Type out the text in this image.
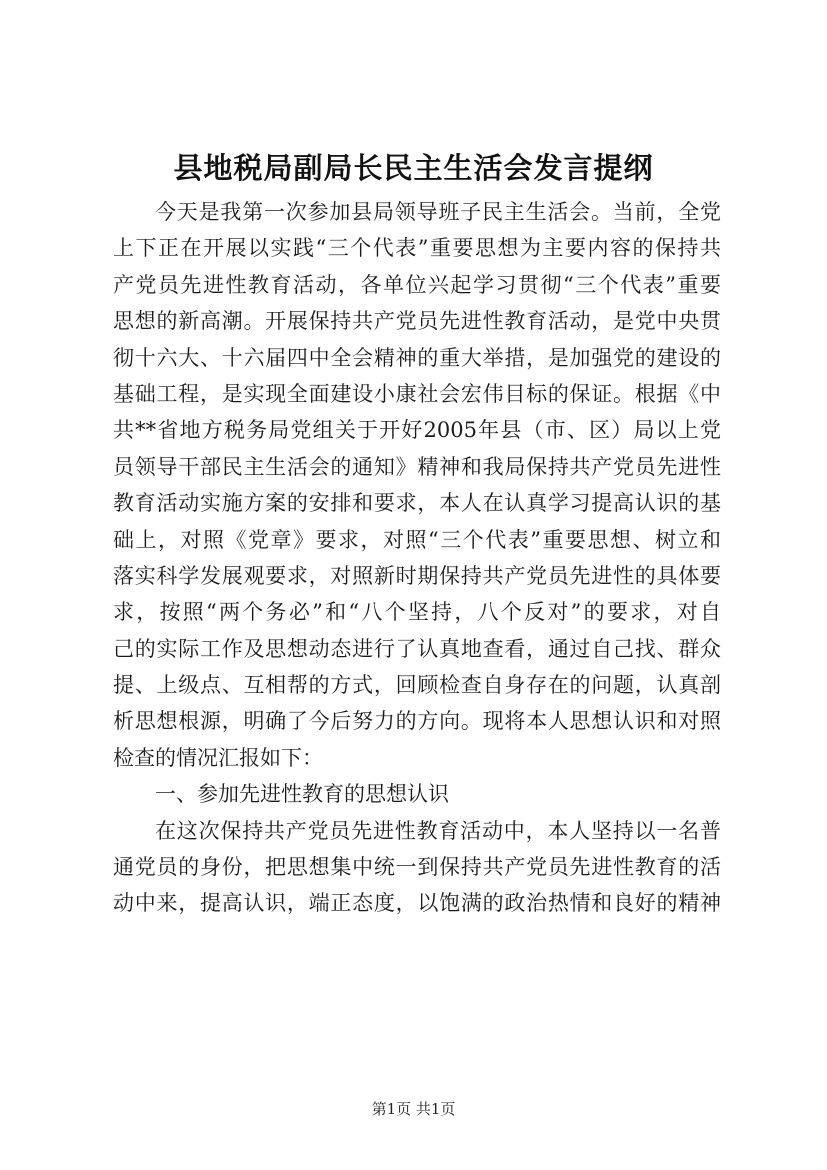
县地税局副局长民主生活会发言提纲
今天是我第一次参加县局领导班子民主生活会。当前，全党
上下正在开展以实践“三个代表”重要思想为主要内容的保持共
产党员先进性教育活动，各单位兴起学习贯彻“三个代表”重要
思想的新高潮。开展保持共产党员先进性教育活动，是党中央贯
彻十六大、十六届四中全会精神的重大举措，是加强党的建设的
基础工程，是实现全面建设小康社会宏伟目标的保证。根据《中
共**省地方税务局党组关于开好2005年县（市、区）局以上党
员领导干部民主生活会的通知》精神和我局保持共产党员先进性
教育活动实施方案的安排和要求，本人在认真学习提高认识的基
础上，对照《党章》要求，对照“三个代表”重要思想、树立和
落实科学发展观要求，对照新时期保持共产党员先进性的具体要
求，按照“两个务必”和“八个坚持，八个反对”的要求，对自
己的实际工作及思想动态进行了认真地查看，通过自己找、群众
提、上级点、互相帮的方式，回顾检查自身存在的问题，认真剖
析思想根源，明确了今后努力的方向。现将本人思想认识和对照
检查的情况汇报如下：
一、参加先进性教育的思想认识
在这次保持共产党员先进性教育活动中，本人坚持以一名普
通党员的身份，把思想集中统一到保持共产党员先进性教育的活
动中来，提高认识，端正态度，以饱满的政治热情和良好的精神
第1页 共1页
